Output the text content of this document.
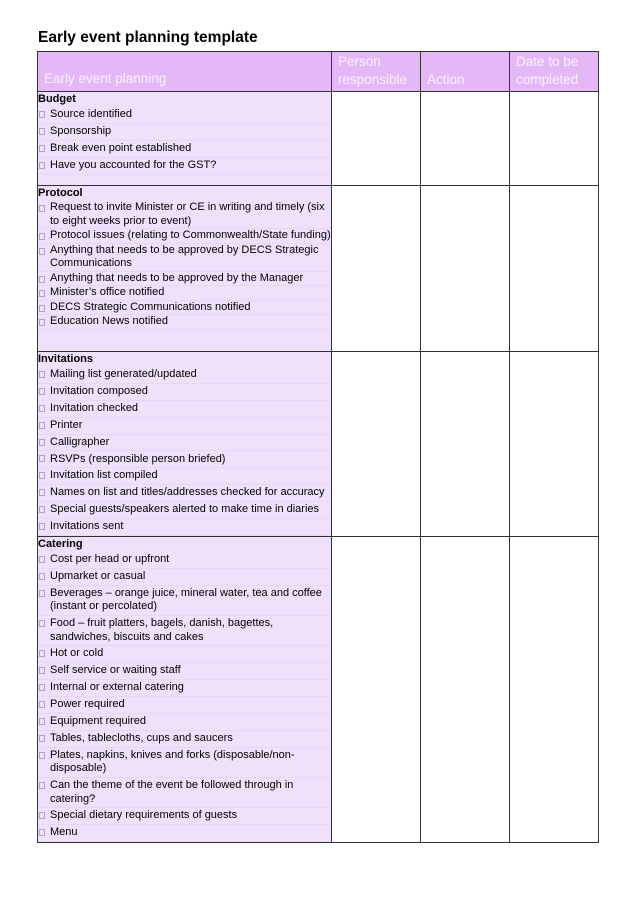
Early event planning template
Early event planning	Person responsible	Action	Date to be completed

Budget
Source identified
Sponsorship
Break even point established
Have you accounted for the GST?

Protocol
Request to invite Minister or CE in writing and timely (six to eight weeks prior to event)
Protocol issues (relating to Commonwealth/State funding)
Anything that needs to be approved by DECS Strategic Communications
Anything that needs to be approved by the Manager
Minister’s office notified
DECS Strategic Communications notified
Education News notified

Invitations
Mailing list generated/updated
Invitation composed
Invitation checked
Printer
Calligrapher
RSVPs (responsible person briefed)
Invitation list compiled
Names on list and titles/addresses checked for accuracy
Special guests/speakers alerted to make time in diaries
Invitations sent

Catering
Cost per head or upfront
Upmarket or casual
Beverages – orange juice, mineral water, tea and coffee (instant or percolated)
Food – fruit platters, bagels, danish, bagettes, sandwiches, biscuits and cakes
Hot or cold
Self service or waiting staff
Internal or external catering
Power required
Equipment required
Tables, tablecloths, cups and saucers
Plates, napkins, knives and forks (disposable/non-disposable)
Can the theme of the event be followed through in catering?
Special dietary requirements of guests
Menu
